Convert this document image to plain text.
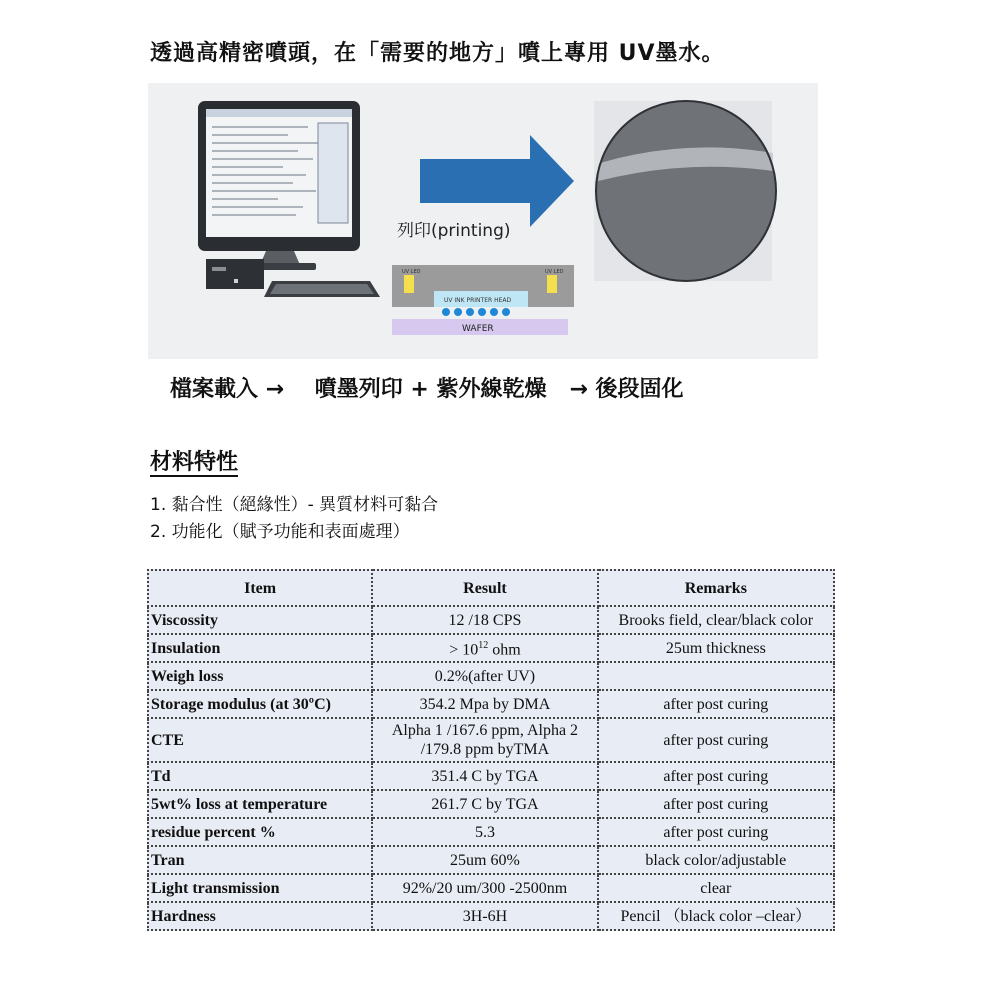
透過高精密噴頭，在「需要的地方」噴上專用 UV墨水。
UV INK PRINTER HEAD
UV LED	UV LED
WAFER
列印(printing)
檔案載入 →    噴墨列印 + 紫外線乾燥   → 後段固化
材料特性
1. 黏合性（絕緣性）- 異質材料可黏合
2. 功能化（賦予功能和表面處理）
Item	Result	Remarks
Viscossity	12 /18 CPS	Brooks field, clear/black color
Insulation	> $10^{12}$ ohm	25um thickness
Weigh loss	0.2%(after UV)	
Storage modulus (at 30ºC)	354.2 Mpa by DMA	after post curing
CTE	Alpha 1 /167.6 ppm, Alpha 2
/179.8 ppm byTMA	after post curing
Td	351.4 C by TGA	after post curing
5wt% loss at temperature	261.7 C by TGA	after post curing
residue percent %	5.3	after post curing
Tran	25um 60%	black color/adjustable
Light transmission	92%/20 um/300 -2500nm	clear
Hardness	3H-6H	Pencil （black color –clear）
